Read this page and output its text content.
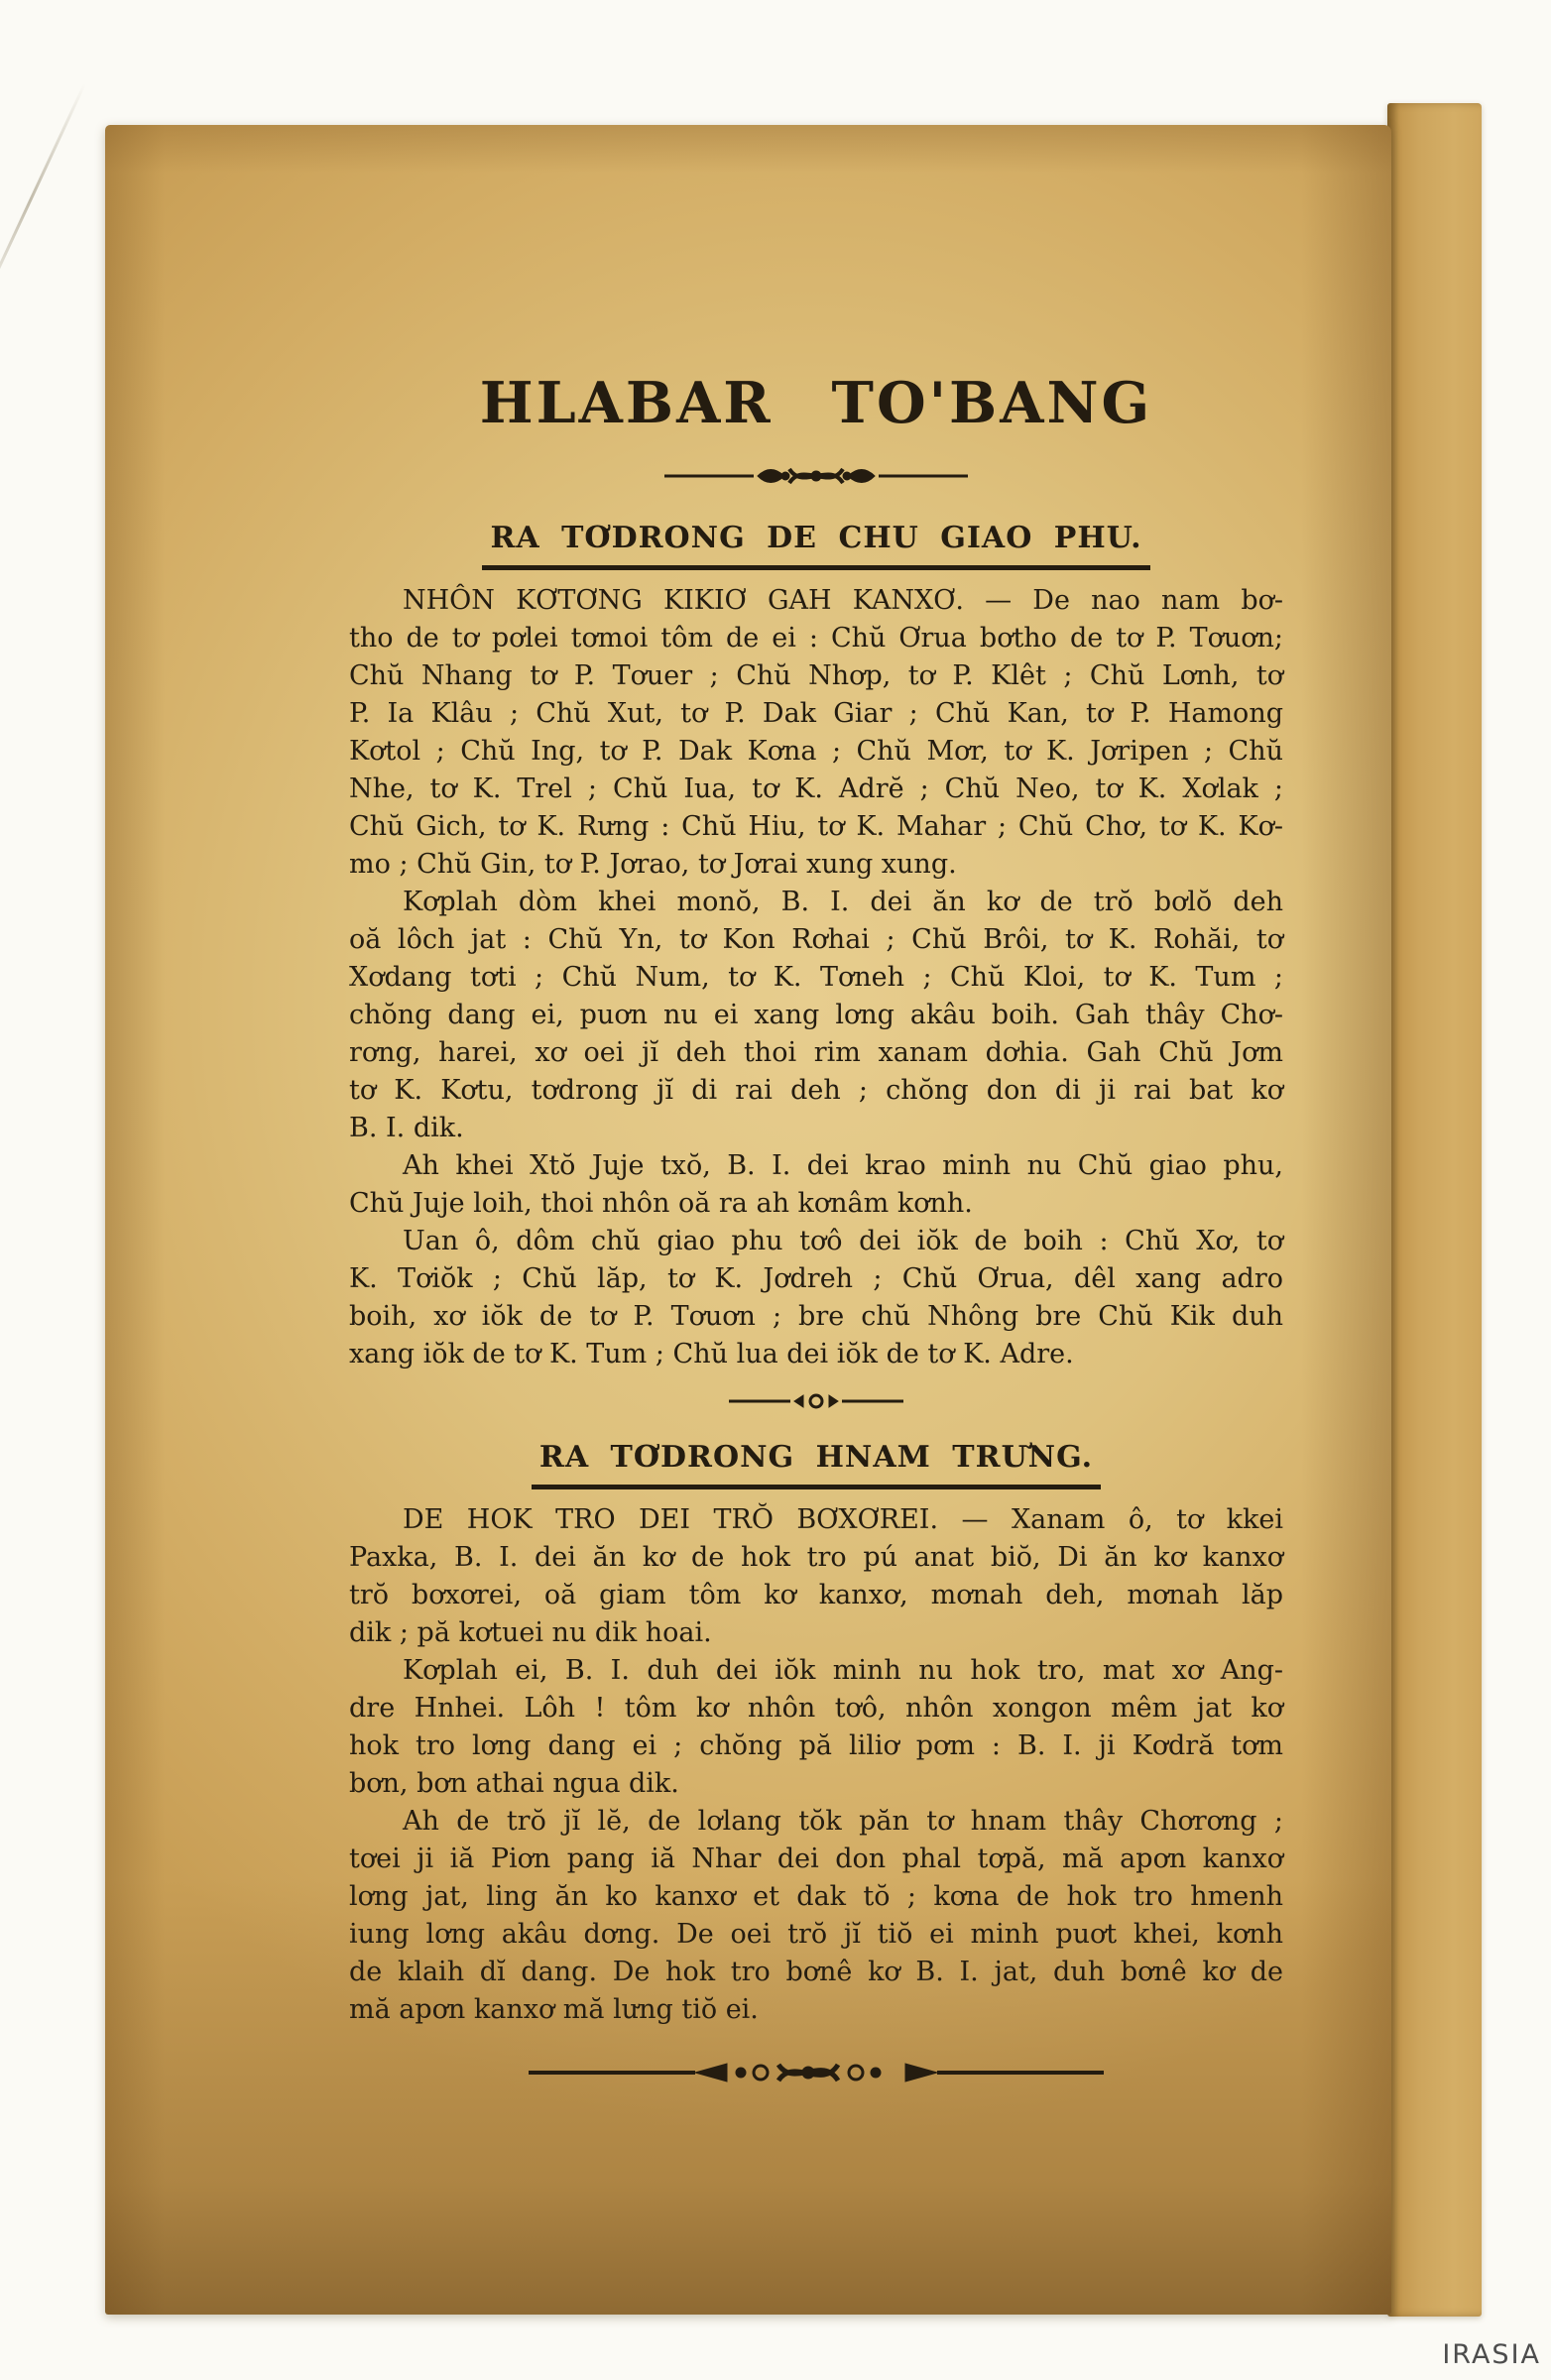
HLABAR TO'BANG
RA TƠDRONG DE CHU GIAO PHU.
NHÔN KƠTƠNG KIKIƠ GAH KANXƠ. — De nao nam bơ-
tho de tơ pơlei tơmoi tôm de ei : Chŭ Ơrua bơtho de tơ P. Tơuơn;
Chŭ Nhang tơ P. Tơuer ; Chŭ Nhơp, tơ P. Klêt ; Chŭ Lơnh, tơ
P. Ia Klâu ; Chŭ Xut, tơ P. Dak Giar ; Chŭ Kan, tơ P. Hamong
Kơtol ; Chŭ Ing, tơ P. Dak Kơna ; Chŭ Mơr, tơ K. Jơripen ; Chŭ
Nhe, tơ K. Trel ; Chŭ Iua, tơ K. Adrĕ ; Chŭ Neo, tơ K. Xơlak ;
Chŭ Gich, tơ K. Rưng : Chŭ Hiu, tơ K. Mahar ; Chŭ Chơ, tơ K. Kơ-
mo ; Chŭ Gin, tơ P. Jơrao, tơ Jơrai xung xung.
Kơplah dòm khei monŏ, B. I. dei ăn kơ de trŏ bơlŏ deh
oă lôch jat : Chŭ Yn, tơ Kon Rơhai ; Chŭ Brôi, tơ K. Rohăi, tơ
Xơdang tơti ; Chŭ Num, tơ K. Tơneh ; Chŭ Kloi, tơ K. Tum ;
chŏng dang ei, puơn nu ei xang lơng akâu boih. Gah thây Chơ-
rơng, harei, xơ oei jĭ deh thoi rim xanam dơhia. Gah Chŭ Jơm
tơ K. Kơtu, tơdrong jĭ di rai deh ; chŏng don di ji rai bat kơ
B. I. dik.
Ah khei Xtŏ Juje txŏ, B. I. dei krao minh nu Chŭ giao phu,
Chŭ Juje loih, thoi nhôn oă ra ah kơnâm kơnh.
Uan ô, dôm chŭ giao phu tơô dei iŏk de boih : Chŭ Xơ, tơ
K. Tơiŏk ; Chŭ lăp, tơ K. Jơdreh ; Chŭ Ơrua, dêl xang adro
boih, xơ iŏk de tơ P. Tơuơn ; bre chŭ Nhông bre Chŭ Kik duh
xang iŏk de tơ K. Tum ; Chŭ lua dei iŏk de tơ K. Adre.
RA TƠDRONG HNAM TRƯNG.
DE HOK TRO DEI TRŎ BƠXƠREI. — Xanam ô, tơ kkei
Paxka, B. I. dei ăn kơ de hok tro pú anat biŏ, Di ăn kơ kanxơ
trŏ bơxơrei, oă giam tôm kơ kanxơ, mơnah deh, mơnah lăp
dik ; pă kơtuei nu dik hoai.
Kơplah ei, B. I. duh dei iŏk minh nu hok tro, mat xơ Ang-
dre Hnhei. Lôh ! tôm kơ nhôn tơô, nhôn xongon mêm jat kơ
hok tro lơng dang ei ; chŏng pă liliơ pơm : B. I. ji Kơdră tơm
bơn, bơn athai ngua dik.
Ah de trŏ jĭ lĕ, de lơlang tŏk păn tơ hnam thây Chơrơng ;
tơei ji iă Piơn pang iă Nhar dei don phal tơpă, mă apơn kanxơ
lơng jat, ling ăn ko kanxơ et dak tŏ ; kơna de hok tro hmenh
iung lơng akâu dơng. De oei trŏ jĭ tiŏ ei minh puơt khei, kơnh
de klaih dĭ dang. De hok tro bơnê kơ B. I. jat, duh bơnê kơ de
mă apơn kanxơ mă lưng tiŏ ei.
IRASIA
